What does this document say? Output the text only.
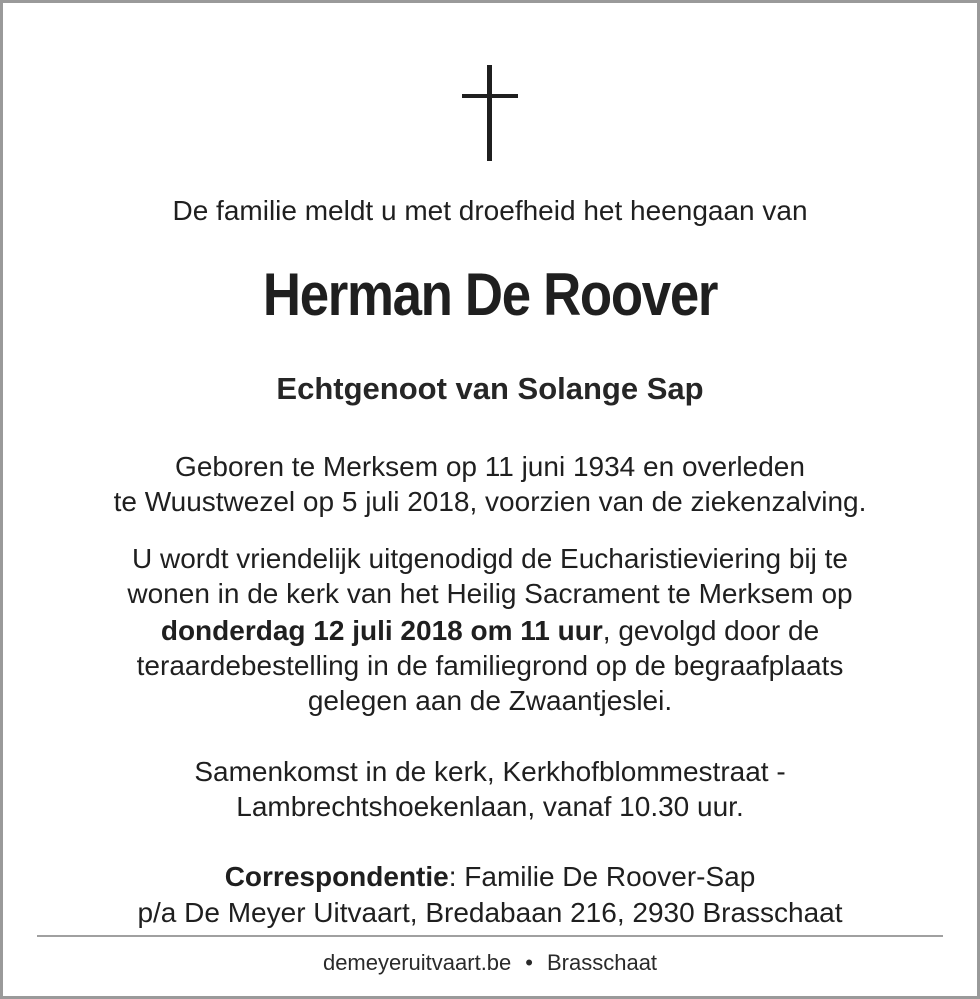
De familie meldt u met droefheid het heengaan van
Herman De Roover
Echtgenoot van Solange Sap
Geboren te Merksem op 11 juni 1934 en overleden
te Wuustwezel op 5 juli 2018, voorzien van de ziekenzalving.
U wordt vriendelijk uitgenodigd de Eucharistieviering bij te
wonen in de kerk van het Heilig Sacrament te Merksem op
donderdag 12 juli 2018 om 11 uur, gevolgd door de
teraardebestelling in de familiegrond op de begraafplaats
gelegen aan de Zwaantjeslei.
Samenkomst in de kerk, Kerkhofblommestraat -
Lambrechtshoekenlaan, vanaf 10.30 uur.
Correspondentie: Familie De Roover-Sap
p/a De Meyer Uitvaart, Bredabaan 216, 2930 Brasschaat
demeyeruitvaart.be • Brasschaat
